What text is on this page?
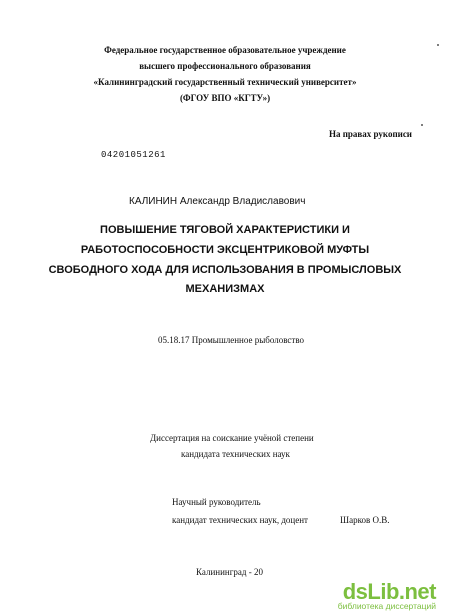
Федеральное государственное образовательное учреждение
высшего профессионального образования
«Калининградский государственный технический университет»
(ФГОУ ВПО «КГТУ»)
На правах рукописи
04201051261
КАЛИНИН Александр Владиславович
ПОВЫШЕНИЕ ТЯГОВОЙ ХАРАКТЕРИСТИКИ И
РАБОТОСПОСОБНОСТИ ЭКСЦЕНТРИКОВОЙ МУФТЫ
СВОБОДНОГО ХОДА ДЛЯ ИСПОЛЬЗОВАНИЯ В ПРОМЫСЛОВЫХ
МЕХАНИЗМАХ
05.18.17 Промышленное рыболовство
Диссертация на соискание учёной степени
кандидата технических наук
Научный руководитель
кандидат технических наук, доцент	Шарков О.В.
Калининград - 20
dsLib.net
библиотека диссертаций
